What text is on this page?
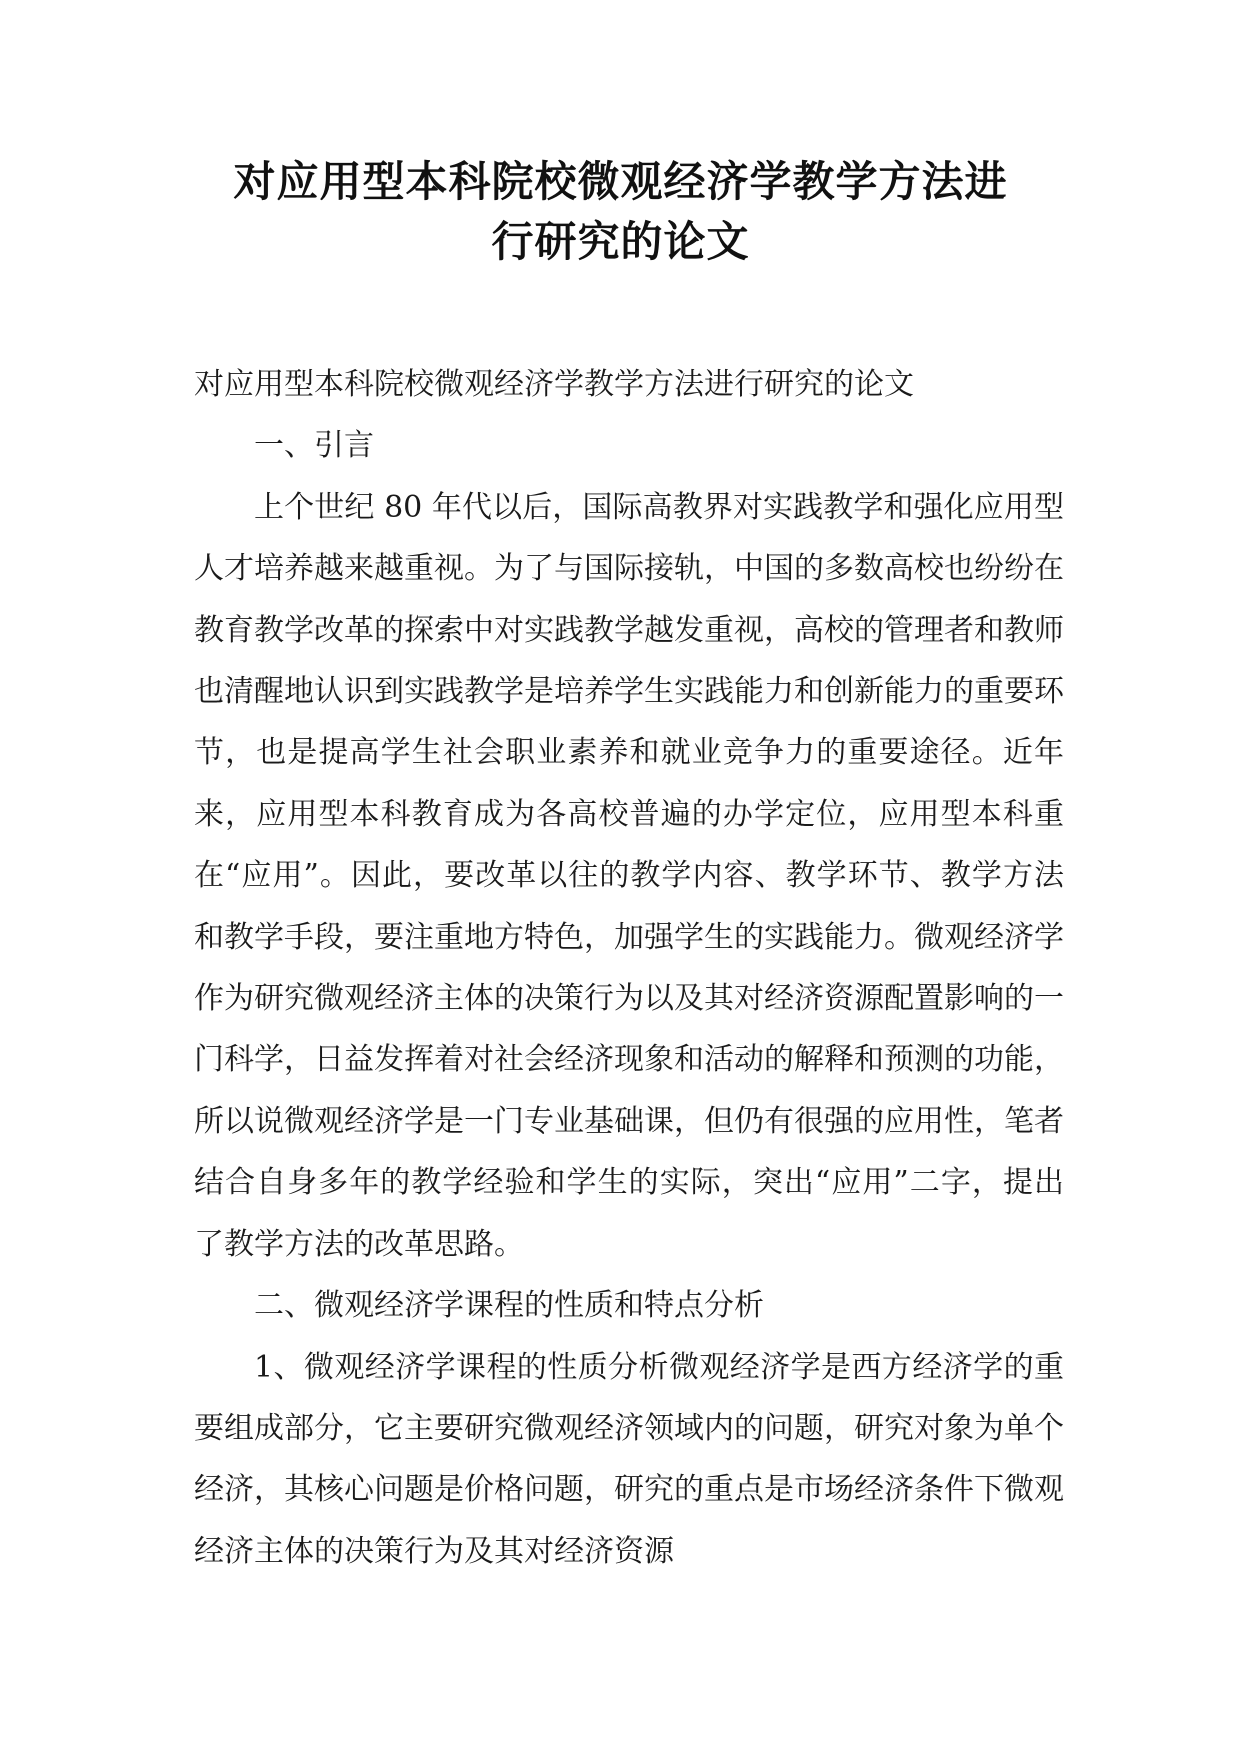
对应用型本科院校微观经济学教学方法进
行研究的论文

对应用型本科院校微观经济学教学方法进行研究的论文

一、引言

上个世纪 80 年代以后，国际高教界对实践教学和强化应用型人才培养越来越重视。为了与国际接轨，中国的多数高校也纷纷在教育教学改革的探索中对实践教学越发重视，高校的管理者和教师也清醒地认识到实践教学是培养学生实践能力和创新能力的重要环节，也是提高学生社会职业素养和就业竞争力的重要途径。近年来，应用型本科教育成为各高校普遍的办学定位，应用型本科重在“应用”。因此，要改革以往的教学内容、教学环节、教学方法和教学手段，要注重地方特色，加强学生的实践能力。微观经济学作为研究微观经济主体的决策行为以及其对经济资源配置影响的一门科学，日益发挥着对社会经济现象和活动的解释和预测的功能，所以说微观经济学是一门专业基础课，但仍有很强的应用性，笔者结合自身多年的教学经验和学生的实际，突出“应用”二字，提出了教学方法的改革思路。

二、微观经济学课程的性质和特点分析

1、微观经济学课程的性质分析微观经济学是西方经济学的重要组成部分，它主要研究微观经济领域内的问题，研究对象为单个经济，其核心问题是价格问题，研究的重点是市场经济条件下微观经济主体的决策行为及其对经济资源
